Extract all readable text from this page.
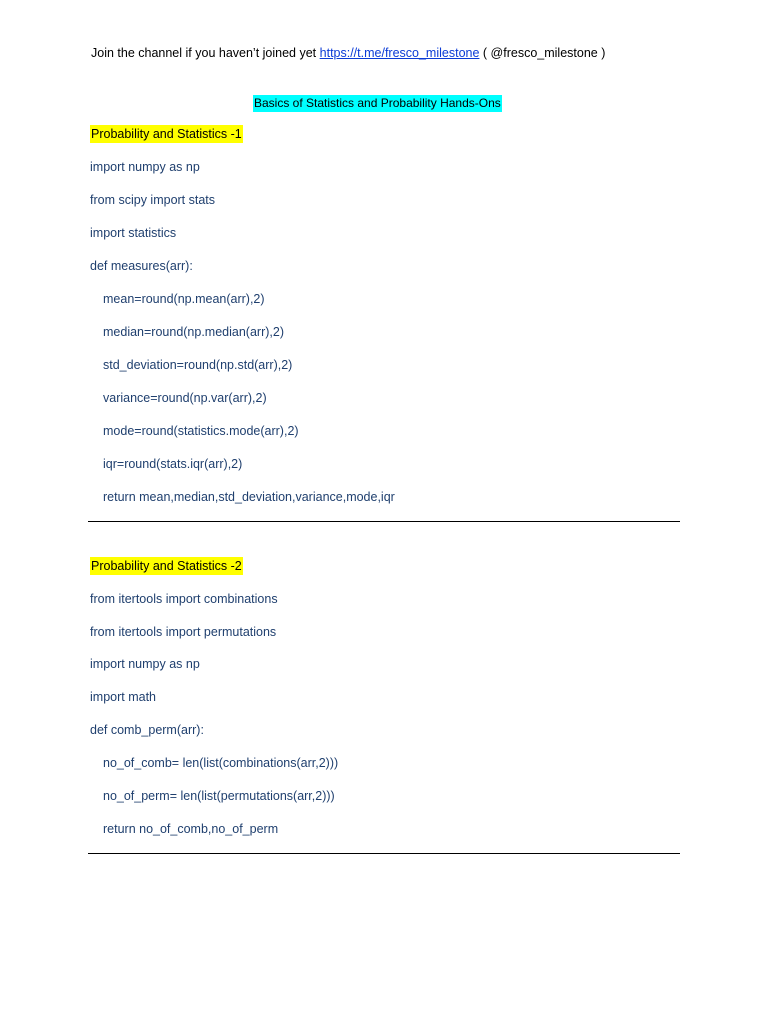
Join the channel if you haven’t joined yet https://t.me/fresco_milestone ( @fresco_milestone )
Basics of Statistics and Probability Hands-Ons
Probability and Statistics -1
import numpy as np
from scipy import stats
import statistics
def measures(arr):
mean=round(np.mean(arr),2)
median=round(np.median(arr),2)
std_deviation=round(np.std(arr),2)
variance=round(np.var(arr),2)
mode=round(statistics.mode(arr),2)
iqr=round(stats.iqr(arr),2)
return mean,median,std_deviation,variance,mode,iqr
Probability and Statistics -2
from itertools import combinations
from itertools import permutations
import numpy as np
import math
def comb_perm(arr):
no_of_comb= len(list(combinations(arr,2)))
no_of_perm= len(list(permutations(arr,2)))
return no_of_comb,no_of_perm
